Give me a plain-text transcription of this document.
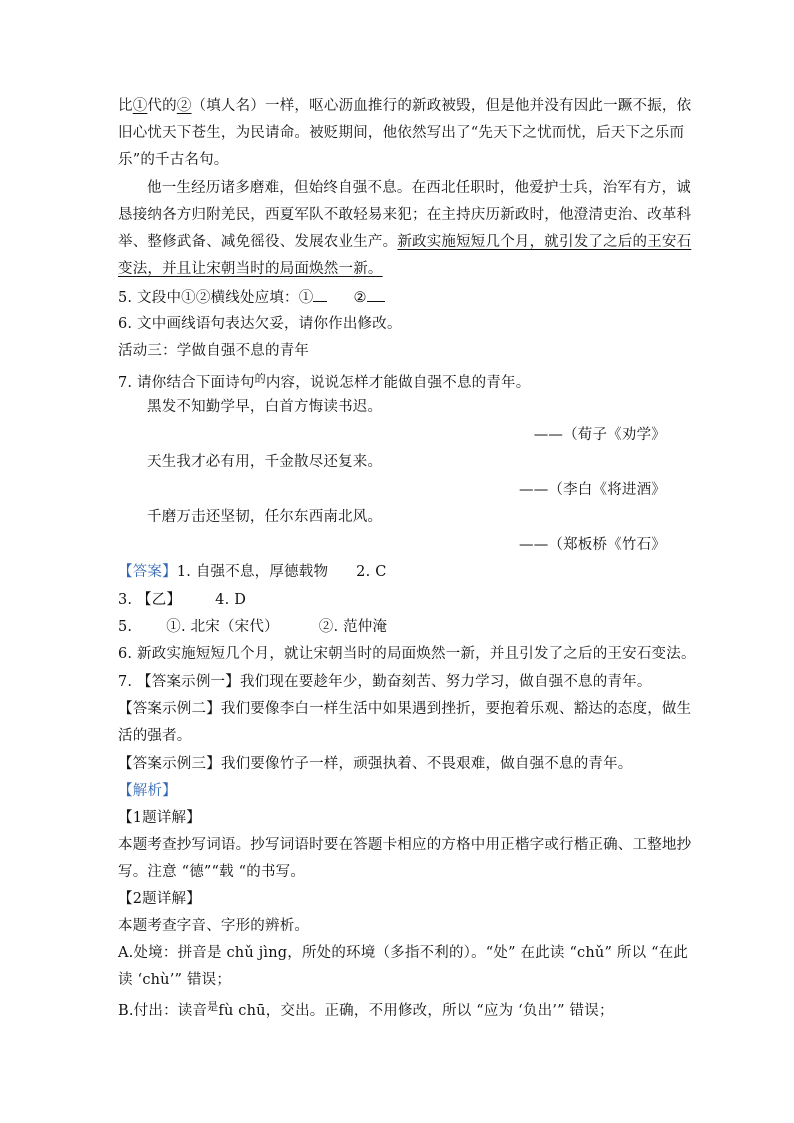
比①代的②（填人名）一样，呕心沥血推行的新政被毁，但是他并没有因此一蹶不振，依
旧心忧天下苍生，为民请命。被贬期间，他依然写出了“先天下之忧而忧，后天下之乐而
乐”的千古名句。
他一生经历诸多磨难，但始终自强不息。在西北任职时，他爱护士兵，治军有方，诚
恳接纳各方归附羌民，西夏军队不敢轻易来犯；在主持庆历新政时，他澄清吏治、改革科
举、整修武备、减免徭役、发展农业生产。新政实施短短几个月，就引发了之后的王安石
变法，并且让宋朝当时的局面焕然一新。
5. 文段中①②横线处应填：①	②
6. 文中画线语句表达欠妥，请你作出修改。
活动三：学做自强不息的青年
7. 请你结合下面诗句$^的$内容，说说怎样才能做自强不息的青年。
黑发不知勤学早，白首方悔读书迟。
——（荀子《劝学》
天生我才必有用，千金散尽还复来。
——（李白《将进酒》
千磨万击还坚韧，任尔东西南北风。
——（郑板桥《竹石》
【答案】1. 自强不息，厚德载物 2. C
3. 【乙】 4. D
5. ①. 北宋（宋代）	②. 范仲淹
6. 新政实施短短几个月，就让宋朝当时的局面焕然一新，并且引发了之后的王安石变法。
7. 【答案示例一】我们现在要趁年少，勤奋刻苦、努力学习，做自强不息的青年。
【答案示例二】我们要像李白一样生活中如果遇到挫折，要抱着乐观、豁达的态度，做生
活的强者。
【答案示例三】我们要像竹子一样，顽强执着、不畏艰难，做自强不息的青年。
【解析】
【1题详解】
本题考查抄写词语。抄写词语时要在答题卡相应的方格中用正楷字或行楷正确、工整地抄
写。注意 “德”“载 “的书写。
【2题详解】
本题考查字音、字形的辨析。
A.处境：拼音是 chǔ jìng，所处的环境（多指不利的）。“处” 在此读 “chǔ” 所以 “在此
读 ‘chù’” 错误；
B.付出：读音$^是$fù chū，交出。正确，不用修改，所以 “应为 ‘负出’” 错误；
